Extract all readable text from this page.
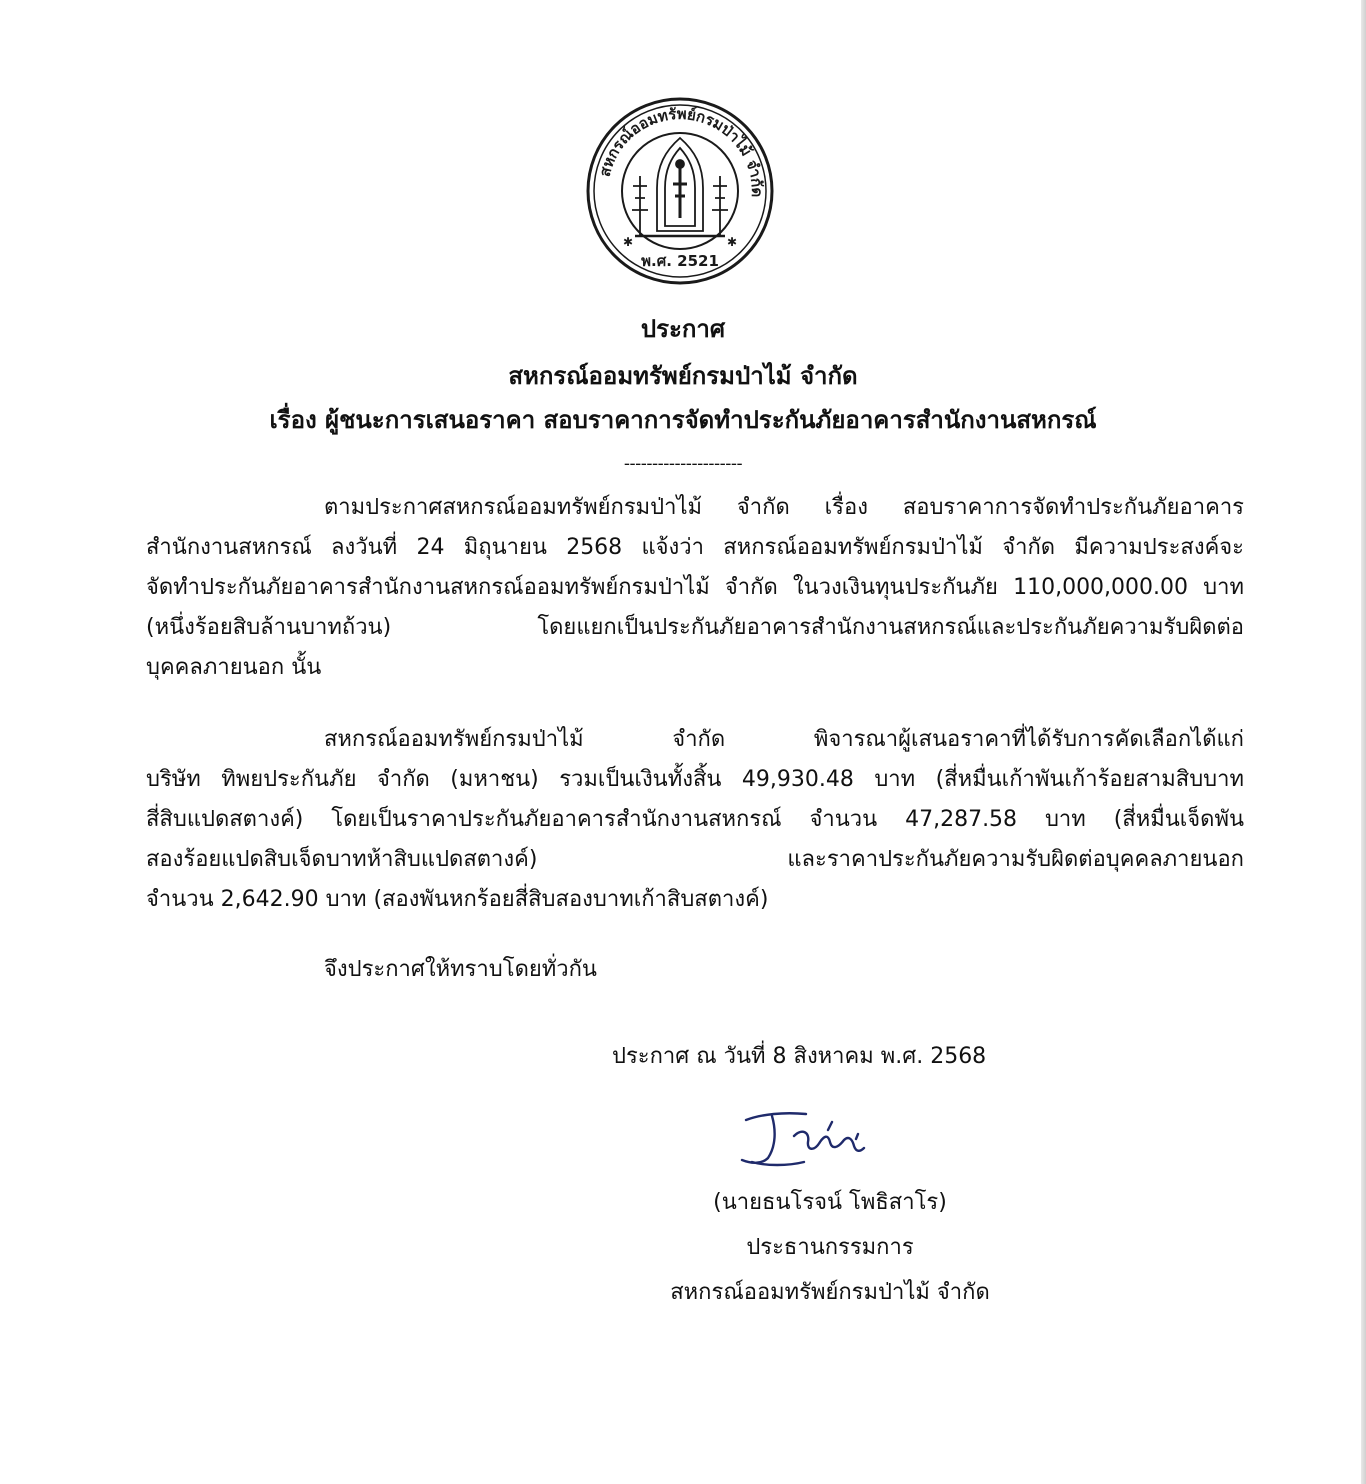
สหกรณ์ออมทรัพย์กรมป่าไม้ จำกัด
พ.ศ. 2521
✱	✱
ประกาศ
สหกรณ์ออมทรัพย์กรมป่าไม้ จำกัด
เรื่อง ผู้ชนะการเสนอราคา สอบราคาการจัดทำประกันภัยอาคารสำนักงานสหกรณ์
---------------------
ตามประกาศสหกรณ์ออมทรัพย์กรมป่าไม้ จำกัด เรื่อง สอบราคาการจัดทำประกันภัยอาคาร
สำนักงานสหกรณ์ ลงวันที่ 24 มิถุนายน 2568 แจ้งว่า สหกรณ์ออมทรัพย์กรมป่าไม้ จำกัด มีความประสงค์จะ
จัดทำประกันภัยอาคารสำนักงานสหกรณ์ออมทรัพย์กรมป่าไม้ จำกัด ในวงเงินทุนประกันภัย 110,000,000.00 บาท
(หนึ่งร้อยสิบล้านบาทถ้วน) โดยแยกเป็นประกันภัยอาคารสำนักงานสหกรณ์และประกันภัยความรับผิดต่อ
บุคคลภายนอก นั้น
สหกรณ์ออมทรัพย์กรมป่าไม้ จำกัด พิจารณาผู้เสนอราคาที่ได้รับการคัดเลือกได้แก่
บริษัท ทิพยประกันภัย จำกัด (มหาชน) รวมเป็นเงินทั้งสิ้น 49,930.48 บาท (สี่หมื่นเก้าพันเก้าร้อยสามสิบบาท
สี่สิบแปดสตางค์) โดยเป็นราคาประกันภัยอาคารสำนักงานสหกรณ์ จำนวน 47,287.58 บาท (สี่หมื่นเจ็ดพัน
สองร้อยแปดสิบเจ็ดบาทห้าสิบแปดสตางค์) และราคาประกันภัยความรับผิดต่อบุคคลภายนอก
จำนวน 2,642.90 บาท (สองพันหกร้อยสี่สิบสองบาทเก้าสิบสตางค์)
จึงประกาศให้ทราบโดยทั่วกัน
ประกาศ ณ วันที่ 8 สิงหาคม พ.ศ. 2568
(นายธนโรจน์ โพธิสาโร)
ประธานกรรมการ
สหกรณ์ออมทรัพย์กรมป่าไม้ จำกัด
